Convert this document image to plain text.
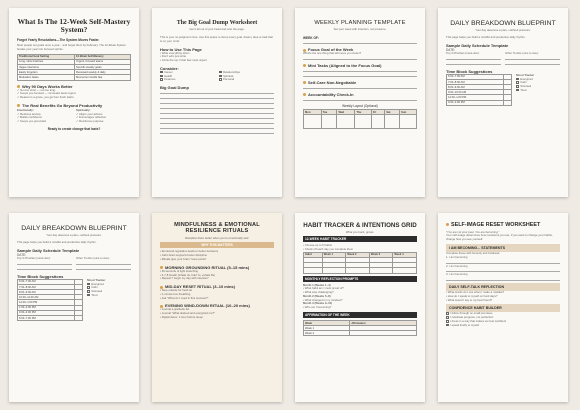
What Is The 12-Week Self-Mastery System?
Forget Yearly Resolutions—The System Moves Faster.
Most people set goals once a year... and forget them by February. The 12-Week System breaks your year into focused sprints.
Traditional Goal Setting	12-Week Self-Mastery
Long, slow timelines	Urgent, focused teams
Vague intentions	Specific weekly goals
Easily forgotten	Reviewed weekly & daily
Motivation fades	Momentum builds fast
Why 90 Days Works Better
✓ Not too short — not too long.
✓ Keeps you focused — 12 weeks feels urgent.
✓ Reason is a grace, you get four fresh starts.
The Real Benefits Go Beyond Productivity
Emotionally:
✓ Reduces anxiety
✓ Builds confidence
✓ Keeps you grounded
Spiritually:
✓ Aligns your actions
✓ Encourages reflection
✓ Reinforces purpose
Ready to create change that lasts?
The Big Goal Dump Worksheet
Get it all out of your head and onto the page.
This is your no-judgment zone. Use this space to dump every goal, dream, idea or task that is on your mind.
How to Use This Page
• Write everything down
• Don't edit, just write
• Circle the top 3 that feel most urgent
Consider:
Career
Health
Finances
Relationships
Spiritual
Personal
Big Goal Dump
WEEKLY PLANNING TEMPLATE
Set your week with intention, not pressure.
WEEK OF:
Focus Goal of the Week
What's the one thing that will move you closer?
Mini Tasks (Aligned to the Focus Goal)
Self-Care Non-Negotiable
Accountability Check-In
Weekly Layout (Optional)
Mon	Tue	Wed	Thu	Fri	Sat	Sun

DAILY BREAKDOWN BLUEPRINT
Your day deserves a plan—without pressure.
This page helps you build a mindful and productive daily rhythm.
Sample Daily Schedule Template
DATE:
Top 3 Priorities (must-dos):	Other To-Dos (nice to dos):
Time Block Suggestions
6:00–7:00 AM	
7:00–8:00 AM	
8:00–9:00 AM	
9:00–10:00 AM	
12:00–1:00 PM	
3:00–4:00 PM	
Mood Tracker
Energized
Calm
Stressed
Tired
DAILY BREAKDOWN BLUEPRINT
Your day deserves a plan—without pressure.
This page helps you build a mindful and productive daily rhythm.
Sample Daily Schedule Template
DATE:
Top 3 Priorities (must-dos):	Other To-Dos (nice to dos):
Time Block Suggestions
6:00–7:00 AM	
7:00–8:00 AM	
8:00–9:00 AM	
10:00–11:00 AM	
12:00–1:00 PM	
1:00–2:00 PM	
3:00–4:00 PM	
6:00–7:00 PM	
Mood Tracker
Energized
Calm
Stressed
Tired
MINDFULNESS & EMOTIONAL RESILIENCE RITUALS
Discipline flows better when you're emotionally well.
WHY THIS MATTERS
• Emotional regulation leads to better decisions
• Calm brain supports better discipline
• Rituals give your brain "reset points"
MORNING GROUNDING RITUAL (5–15 mins)
• 30 seconds of light stretching
• 4-7-8 breath (inhale 4s, hold 7s, exhale 8s)
• Repeat "I begin my day with intention"
MID-DAY RESET RITUAL (3–10 mins)
• Step outside for fresh air
• 1-minute box breathing
• Ask "What do I need in this moment?"
EVENING WIND-DOWN RITUAL (10–20 mins)
• Journal a gratitude list
• Journal "What drained and energized me?"
• Digital detox: 1 hour before sleep
HABIT TRACKER & INTENTIONS GRID
What you track, grows.
12-WEEK HABIT TRACKER
• Choose up to 5 habits
• Check off each day you complete them
Habit	Week 1	Week 2	Week 3	Week 4

MONTHLY REFLECTION PROMPTS
Month 1 (Weeks 1–4)
• What habit am I most proud of?
• What was challenging?
Month 2 (Weeks 5–8)
• What changed in my mindset?
Month 3 (Weeks 9–12)
• Who am I becoming?
AFFIRMATION OF THE WEEK
Week	Affirmation
Week 1	
Week 2	
SELF-IMAGE RESET WORKSHEET
"You are not your past. You are becoming."
Your self-image determines how consistent you are. If you want to change your habits, change how you see yourself.
I AM BECOMING... STATEMENTS
Complete these with honesty and boldness:
1. I am becoming
2. I am becoming
3. I am becoming
DAILY SELF-TALK REFLECTION
• What words do I use when I make a mistake?
• How do I speak to myself on hard days?
• What would I say to my best friend?
CONFIDENCE HABIT BUILDER
I follow through on small promises
I celebrate progress, not perfection
I dress in a way that makes me feel confident
I speak kindly to myself
